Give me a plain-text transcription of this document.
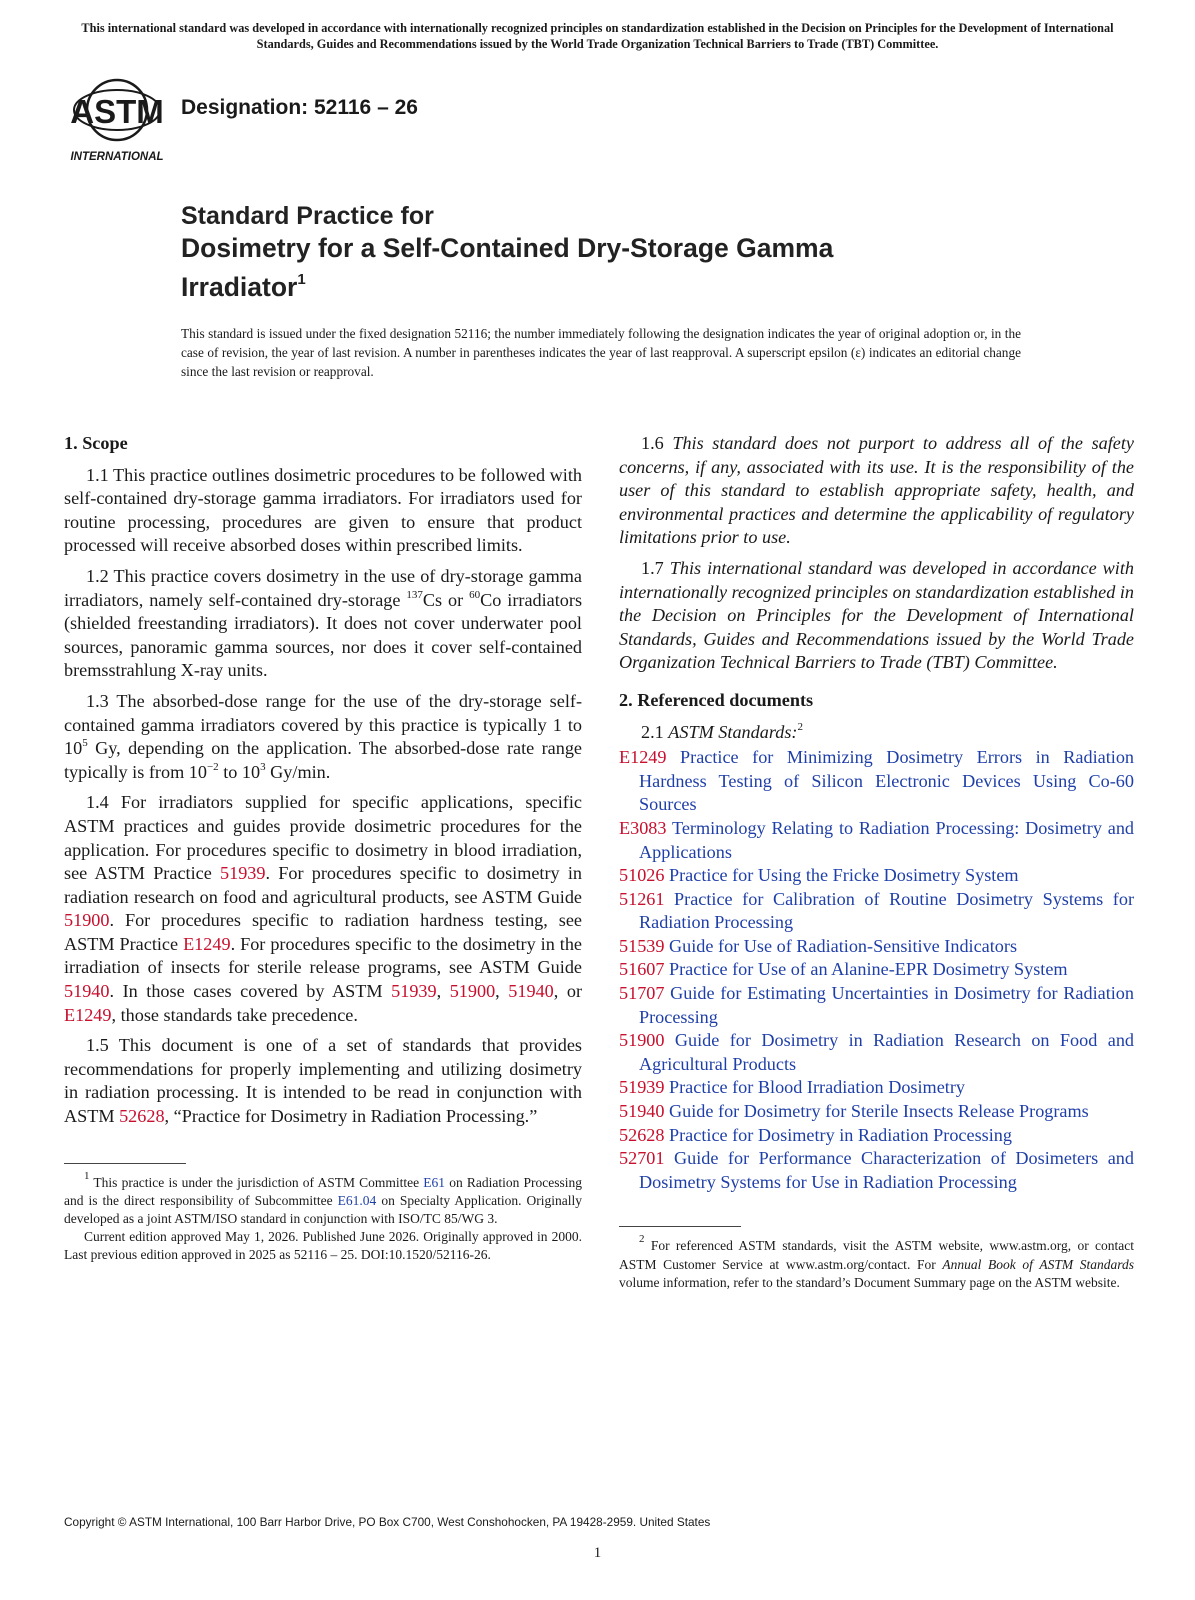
This international standard was developed in accordance with internationally recognized principles on standardization established in the Decision on Principles for the Development of International Standards, Guides and Recommendations issued by the World Trade Organization Technical Barriers to Trade (TBT) Committee.
ASTM
INTERNATIONAL
Designation: 52116 – 26
Standard Practice for
Dosimetry for a Self-Contained Dry-Storage Gamma
Irradiator$^1$
This standard is issued under the fixed designation 52116; the number immediately following the designation indicates the year of original adoption or, in the case of revision, the year of last revision. A number in parentheses indicates the year of last reapproval. A superscript epsilon (ε) indicates an editorial change since the last revision or reapproval.

1. Scope

1.1 This practice outlines dosimetric procedures to be followed with self-contained dry-storage gamma irradiators. For irradiators used for routine processing, procedures are given to ensure that product processed will receive absorbed doses within prescribed limits.

1.2 This practice covers dosimetry in the use of dry-storage gamma irradiators, namely self-contained dry-storage $^{137}$Cs or $^{60}$Co irradiators (shielded freestanding irradiators). It does not cover underwater pool sources, panoramic gamma sources, nor does it cover self-contained bremsstrahlung X-ray units.

1.3 The absorbed-dose range for the use of the dry-storage self-contained gamma irradiators covered by this practice is typically 1 to $10^5$ Gy, depending on the application. The absorbed-dose rate range typically is from $10^{-2}$ to $10^3$ Gy/min.

1.4 For irradiators supplied for specific applications, specific ASTM practices and guides provide dosimetric procedures for the application. For procedures specific to dosimetry in blood irradiation, see ASTM Practice 51939. For procedures specific to dosimetry in radiation research on food and agricultural products, see ASTM Guide 51900. For procedures specific to radiation hardness testing, see ASTM Practice E1249. For procedures specific to the dosimetry in the irradiation of insects for sterile release programs, see ASTM Guide 51940. In those cases covered by ASTM 51939, 51900, 51940, or E1249, those standards take precedence.

1.5 This document is one of a set of standards that provides recommendations for properly implementing and utilizing dosimetry in radiation processing. It is intended to be read in conjunction with ASTM 52628, “Practice for Dosimetry in Radiation Processing.”

$^1$ This practice is under the jurisdiction of ASTM Committee E61 on Radiation Processing and is the direct responsibility of Subcommittee E61.04 on Specialty Application. Originally developed as a joint ASTM/ISO standard in conjunction with ISO/TC 85/WG 3.

Current edition approved May 1, 2026. Published June 2026. Originally approved in 2000. Last previous edition approved in 2025 as 52116 – 25. DOI:10.1520/52116-26.

1.6 This standard does not purport to address all of the safety concerns, if any, associated with its use. It is the responsibility of the user of this standard to establish appropriate safety, health, and environmental practices and determine the applicability of regulatory limitations prior to use.

1.7 This international standard was developed in accordance with internationally recognized principles on standardization established in the Decision on Principles for the Development of International Standards, Guides and Recommendations issued by the World Trade Organization Technical Barriers to Trade (TBT) Committee.

2. Referenced documents

2.1 ASTM Standards:$^2$

E1249 Practice for Minimizing Dosimetry Errors in Radiation Hardness Testing of Silicon Electronic Devices Using Co-60 Sources

E3083 Terminology Relating to Radiation Processing: Dosimetry and Applications

51026 Practice for Using the Fricke Dosimetry System

51261 Practice for Calibration of Routine Dosimetry Systems for Radiation Processing

51539 Guide for Use of Radiation-Sensitive Indicators

51607 Practice for Use of an Alanine-EPR Dosimetry System

51707 Guide for Estimating Uncertainties in Dosimetry for Radiation Processing

51900 Guide for Dosimetry in Radiation Research on Food and Agricultural Products

51939 Practice for Blood Irradiation Dosimetry

51940 Guide for Dosimetry for Sterile Insects Release Programs

52628 Practice for Dosimetry in Radiation Processing

52701 Guide for Performance Characterization of Dosimeters and Dosimetry Systems for Use in Radiation Processing

$^2$ For referenced ASTM standards, visit the ASTM website, www.astm.org, or contact ASTM Customer Service at www.astm.org/contact. For Annual Book of ASTM Standards volume information, refer to the standard’s Document Summary page on the ASTM website.

Copyright © ASTM International, 100 Barr Harbor Drive, PO Box C700, West Conshohocken, PA 19428-2959. United States
1
